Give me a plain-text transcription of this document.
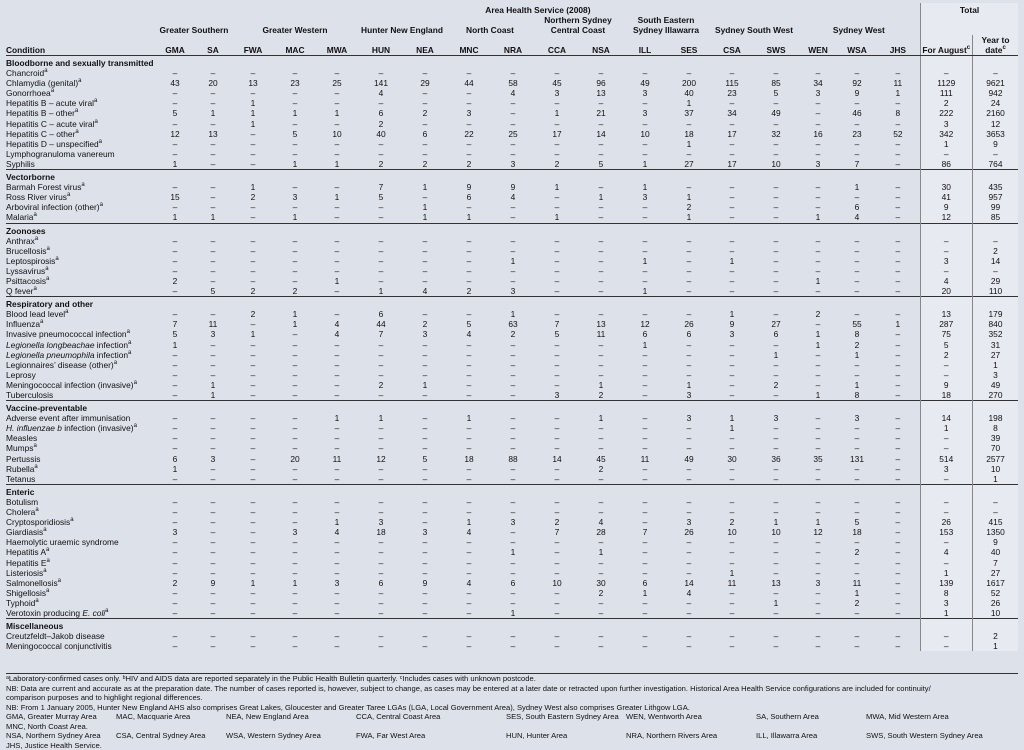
	Area Health Service (2008)																		Total	
	Greater Southern		Greater Western			Hunter New England		North Coast		Northern Sydney Central Coast		South Eastern Sydney Illawarra		Sydney South West		Sydney West				
Condition	GMA	SA	FWA	MAC	MWA	HUN	NEA	MNC	NRA	CCA	NSA	ILL	SES	CSA	SWS	WEN	WSA	JHS	For August$^c$	Year to date$^c$
Bloodborne and sexually transmitted																				
Chancroid$^a$	–	–	–	–	–	–	–	–	–	–	–	–	–	–	–	–	–	–	–	–
Chlamydia (genital)$^a$	43	20	13	23	25	141	29	44	58	45	96	49	200	115	85	34	92	11	1129	9621
Gonorrhoea$^a$	–	–	–	–	–	4	–	–	4	3	13	3	40	23	5	3	9	1	111	942
Hepatitis B – acute viral$^a$	–	–	1	–	–	–	–	–	–	–	–	–	1	–	–	–	–	–	2	24
Hepatitis B – other$^a$	5	1	1	1	1	6	2	3	–	1	21	3	37	34	49	–	46	8	222	2160
Hepatitis C – acute viral$^a$	–	–	1	–	–	2	–	–	–	–	–	–	–	–	–	–	–	–	3	12
Hepatitis C – other$^a$	12	13	–	5	10	40	6	22	25	17	14	10	18	17	32	16	23	52	342	3653
Hepatitis D – unspecified$^a$	–	–	–	–	–	–	–	–	–	–	–	–	1	–	–	–	–	–	1	9
Lymphogranuloma vanereum	–	–	–	–	–	–	–	–	–	–	–	–	–	–	–	–	–	–	–	–
Syphilis	1	–	–	1	1	2	2	2	3	2	5	1	27	17	10	3	7	–	86	764
Vectorborne																				
Barmah Forest virus$^a$	–	–	1	–	–	7	1	9	9	1	–	1	–	–	–	–	1	–	30	435
Ross River virus$^a$	15	–	2	3	1	5	–	6	4	–	1	3	1	–	–	–	–	–	41	957
Arboviral infection (other)$^a$	–	–	–	–	–	–	1	–	–	–	–	–	2	–	–	–	6	–	9	99
Malaria$^a$	1	1	–	1	–	–	1	1	–	1	–	–	1	–	–	1	4	–	12	85
Zoonoses																				
Anthrax$^a$	–	–	–	–	–	–	–	–	–	–	–	–	–	–	–	–	–	–	–	–
Brucellosis$^a$	–	–	–	–	–	–	–	–	–	–	–	–	–	–	–	–	–	–	–	2
Leptospirosis$^a$	–	–	–	–	–	–	–	–	1	–	–	1	–	1	–	–	–	–	3	14
Lyssavirus$^a$	–	–	–	–	–	–	–	–	–	–	–	–	–	–	–	–	–	–	–	–
Psittacosis$^a$	2	–	–	–	1	–	–	–	–	–	–	–	–	–	–	1	–	–	4	29
Q fever$^a$	–	5	2	2	–	1	4	2	3	–	–	1	–	–	–	–	–	–	20	110
Respiratory and other																				
Blood lead level$^a$	–	–	2	1	–	6	–	–	1	–	–	–	–	1	–	2	–	–	13	179
Influenza$^a$	7	11	–	1	4	44	2	5	63	7	13	12	26	9	27	–	55	1	287	840
Invasive pneumococcal infection$^a$	5	3	1	–	4	7	3	4	2	5	11	6	6	3	6	1	8	–	75	352
Legionella longbeachae infection$^a$	1	–	–	–	–	–	–	–	–	–	–	1	–	–	–	1	2	–	5	31
Legionella pneumophila infection$^a$	–	–	–	–	–	–	–	–	–	–	–	–	–	–	1	–	1	–	2	27
Legionnaires’ disease (other)$^a$	–	–	–	–	–	–	–	–	–	–	–	–	–	–	–	–	–	–	–	1
Leprosy	–	–	–	–	–	–	–	–	–	–	–	–	–	–	–	–	–	–	–	3
Meningococcal infection (invasive)$^a$	–	1	–	–	–	2	1	–	–	–	1	–	1	–	2	–	1	–	9	49
Tuberculosis	–	1	–	–	–	–	–	–	–	3	2	–	3	–	–	1	8	–	18	270
Vaccine-preventable																				
Adverse event after immunisation	–	–	–	–	1	1	–	1	–	–	1	–	3	1	3	–	3	–	14	198
H. influenzae b infection (invasive)$^a$	–	–	–	–	–	–	–	–	–	–	–	–	–	1	–	–	–	–	1	8
Measles	–	–	–	–	–	–	–	–	–	–	–	–	–	–	–	–	–	–	–	39
Mumps$^a$	–	–	–	–	–	–	–	–	–	–	–	–	–	–	–	–	–	–	–	70
Pertussis	6	3	–	20	11	12	5	18	88	14	45	11	49	30	36	35	131	–	514	2577
Rubella$^a$	1	–	–	–	–	–	–	–	–	–	2	–	–	–	–	–	–	–	3	10
Tetanus	–	–	–	–	–	–	–	–	–	–	–	–	–	–	–	–	–	–	–	1
Enteric																				
Botulism	–	–	–	–	–	–	–	–	–	–	–	–	–	–	–	–	–	–	–	–
Cholera$^a$	–	–	–	–	–	–	–	–	–	–	–	–	–	–	–	–	–	–	–	–
Cryptosporidiosis$^a$	–	–	–	–	1	3	–	1	3	2	4	–	3	2	1	1	5	–	26	415
Giardiasis$^a$	3	–	–	3	4	18	3	4	–	7	28	7	26	10	10	12	18	–	153	1350
Haemolytic uraemic syndrome	–	–	–	–	–	–	–	–	–	–	–	–	–	–	–	–	–	–	–	9
Hepatitis $A^a$	–	–	–	–	–	–	–	–	1	–	1	–	–	–	–	–	2	–	4	40
Hepatitis $E^a$	–	–	–	–	–	–	–	–	–	–	–	–	–	–	–	–	–	–	–	7
Listeriosis$^a$	–	–	–	–	–	–	–	–	–	–	–	–	–	1	–	–	–	–	1	27
Salmonellosis$^a$	2	9	1	1	3	6	9	4	6	10	30	6	14	11	13	3	11	–	139	1617
Shigellosis$^a$	–	–	–	–	–	–	–	–	–	–	2	1	4	–	–	–	1	–	8	52
Typhoid$^a$	–	–	–	–	–	–	–	–	–	–	–	–	–	–	1	–	2	–	3	26
Verotoxin producing E. coli$^a$	–	–	–	–	–	–	–	–	1	–	–	–	–	–	–	–	–	–	1	10
Miscellaneous																				
Creutzfeldt–Jakob disease	–	–	–	–	–	–	–	–	–	–	–	–	–	–	–	–	–	–	–	2
Meningococcal conjunctivitis	–	–	–	–	–	–	–	–	–	–	–	–	–	–	–	–	–	–	–	1
ᵃLaboratory-confirmed cases only. ᵇHIV and AIDS data are reported separately in the Public Health Bulletin quarterly. ᶜIncludes cases with unknown postcode.
NB: Data are current and accurate as at the preparation date. The number of cases reported is, however, subject to change, as cases may be entered at a later date or retracted upon further investigation. Historical Area Health Service configurations are included for continuity/
comparison purposes and to highlight regional differences.
NB: From 1 January 2005, Hunter New England AHS also comprises Great Lakes, Gloucester and Greater Taree LGAs (LGA, Local Government Area), Sydney West also comprises Greater Lithgow LGA.
GMA, Greater Murray Area	MAC, Macquarie Area	NEA, New England Area	CCA, Central Coast Area	SES, South Eastern Sydney Area WEN, Wentworth Area	SA, Southern Area	MWA, Mid Western Area
MNC, North Coast Area.
NSA, Northern Sydney Area	CSA, Central Sydney Area	WSA, Western Sydney Area	FWA, Far West Area	HUN, Hunter Area	NRA, Northern Rivers Area	ILL, Illawarra Area	SWS, South Western Sydney Area
JHS, Justice Health Service.
